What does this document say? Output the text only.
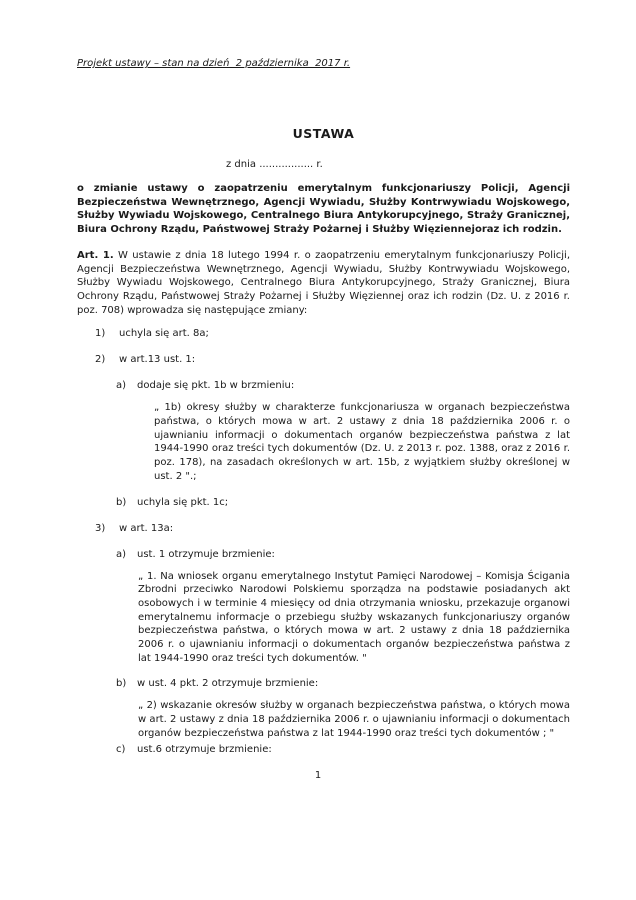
Projekt ustawy – stan na dzień  2 października  2017 r.
USTAWA
z dnia ................. r.
o zmianie ustawy o zaopatrzeniu emerytalnym funkcjonariuszy Policji, Agencji Bezpieczeństwa Wewnętrznego, Agencji Wywiadu, Służby Kontrwywiadu Wojskowego, Służby Wywiadu Wojskowego, Centralnego Biura Antykorupcyjnego, Straży Granicznej, Biura Ochrony Rządu, Państwowej Straży Pożarnej i Służby Więziennejoraz ich rodzin.
Art. 1. W ustawie z dnia 18 lutego 1994 r. o zaopatrzeniu emerytalnym funkcjonariuszy Policji, Agencji Bezpieczeństwa Wewnętrznego, Agencji Wywiadu, Służby Kontrwywiadu Wojskowego, Służby Wywiadu Wojskowego, Centralnego Biura Antykorupcyjnego, Straży Granicznej, Biura Ochrony Rządu, Państwowej Straży Pożarnej i Służby Więziennej oraz ich rodzin (Dz. U. z 2016 r. poz. 708) wprowadza się następujące zmiany:
1)	uchyla się art. 8a;
2)	w art.13 ust. 1:
a)	dodaje się pkt. 1b w brzmieniu:
„ 1b) okresy służby w charakterze funkcjonariusza w organach bezpieczeństwa państwa, o których mowa w art. 2 ustawy z dnia 18 października 2006 r. o ujawnianiu informacji o dokumentach organów bezpieczeństwa państwa z lat 1944-1990 oraz treści tych dokumentów (Dz. U. z 2013 r. poz. 1388, oraz z 2016 r. poz. 178), na zasadach określonych w art. 15b, z wyjątkiem służby określonej w ust. 2 ".;
b)	uchyla się pkt. 1c;
3)	w art. 13a:
a)	ust. 1 otrzymuje brzmienie:
„ 1. Na wniosek organu emerytalnego Instytut Pamięci Narodowej – Komisja Ścigania Zbrodni przeciwko Narodowi Polskiemu sporządza na podstawie posiadanych akt osobowych i w terminie 4 miesięcy od dnia otrzymania wniosku, przekazuje organowi emerytalnemu informacje o przebiegu służby wskazanych funkcjonariuszy organów bezpieczeństwa państwa, o których mowa w art. 2 ustawy z dnia 18 października 2006 r. o ujawnianiu informacji o dokumentach organów bezpieczeństwa państwa z lat 1944-1990 oraz treści tych dokumentów. "
b)	w ust. 4 pkt. 2 otrzymuje brzmienie:
„ 2) wskazanie okresów służby w organach bezpieczeństwa państwa, o których mowa w art. 2 ustawy z dnia 18 października 2006 r. o ujawnianiu informacji o dokumentach organów bezpieczeństwa państwa z lat 1944-1990 oraz treści tych dokumentów ; "
c)	ust.6 otrzymuje brzmienie:
1
